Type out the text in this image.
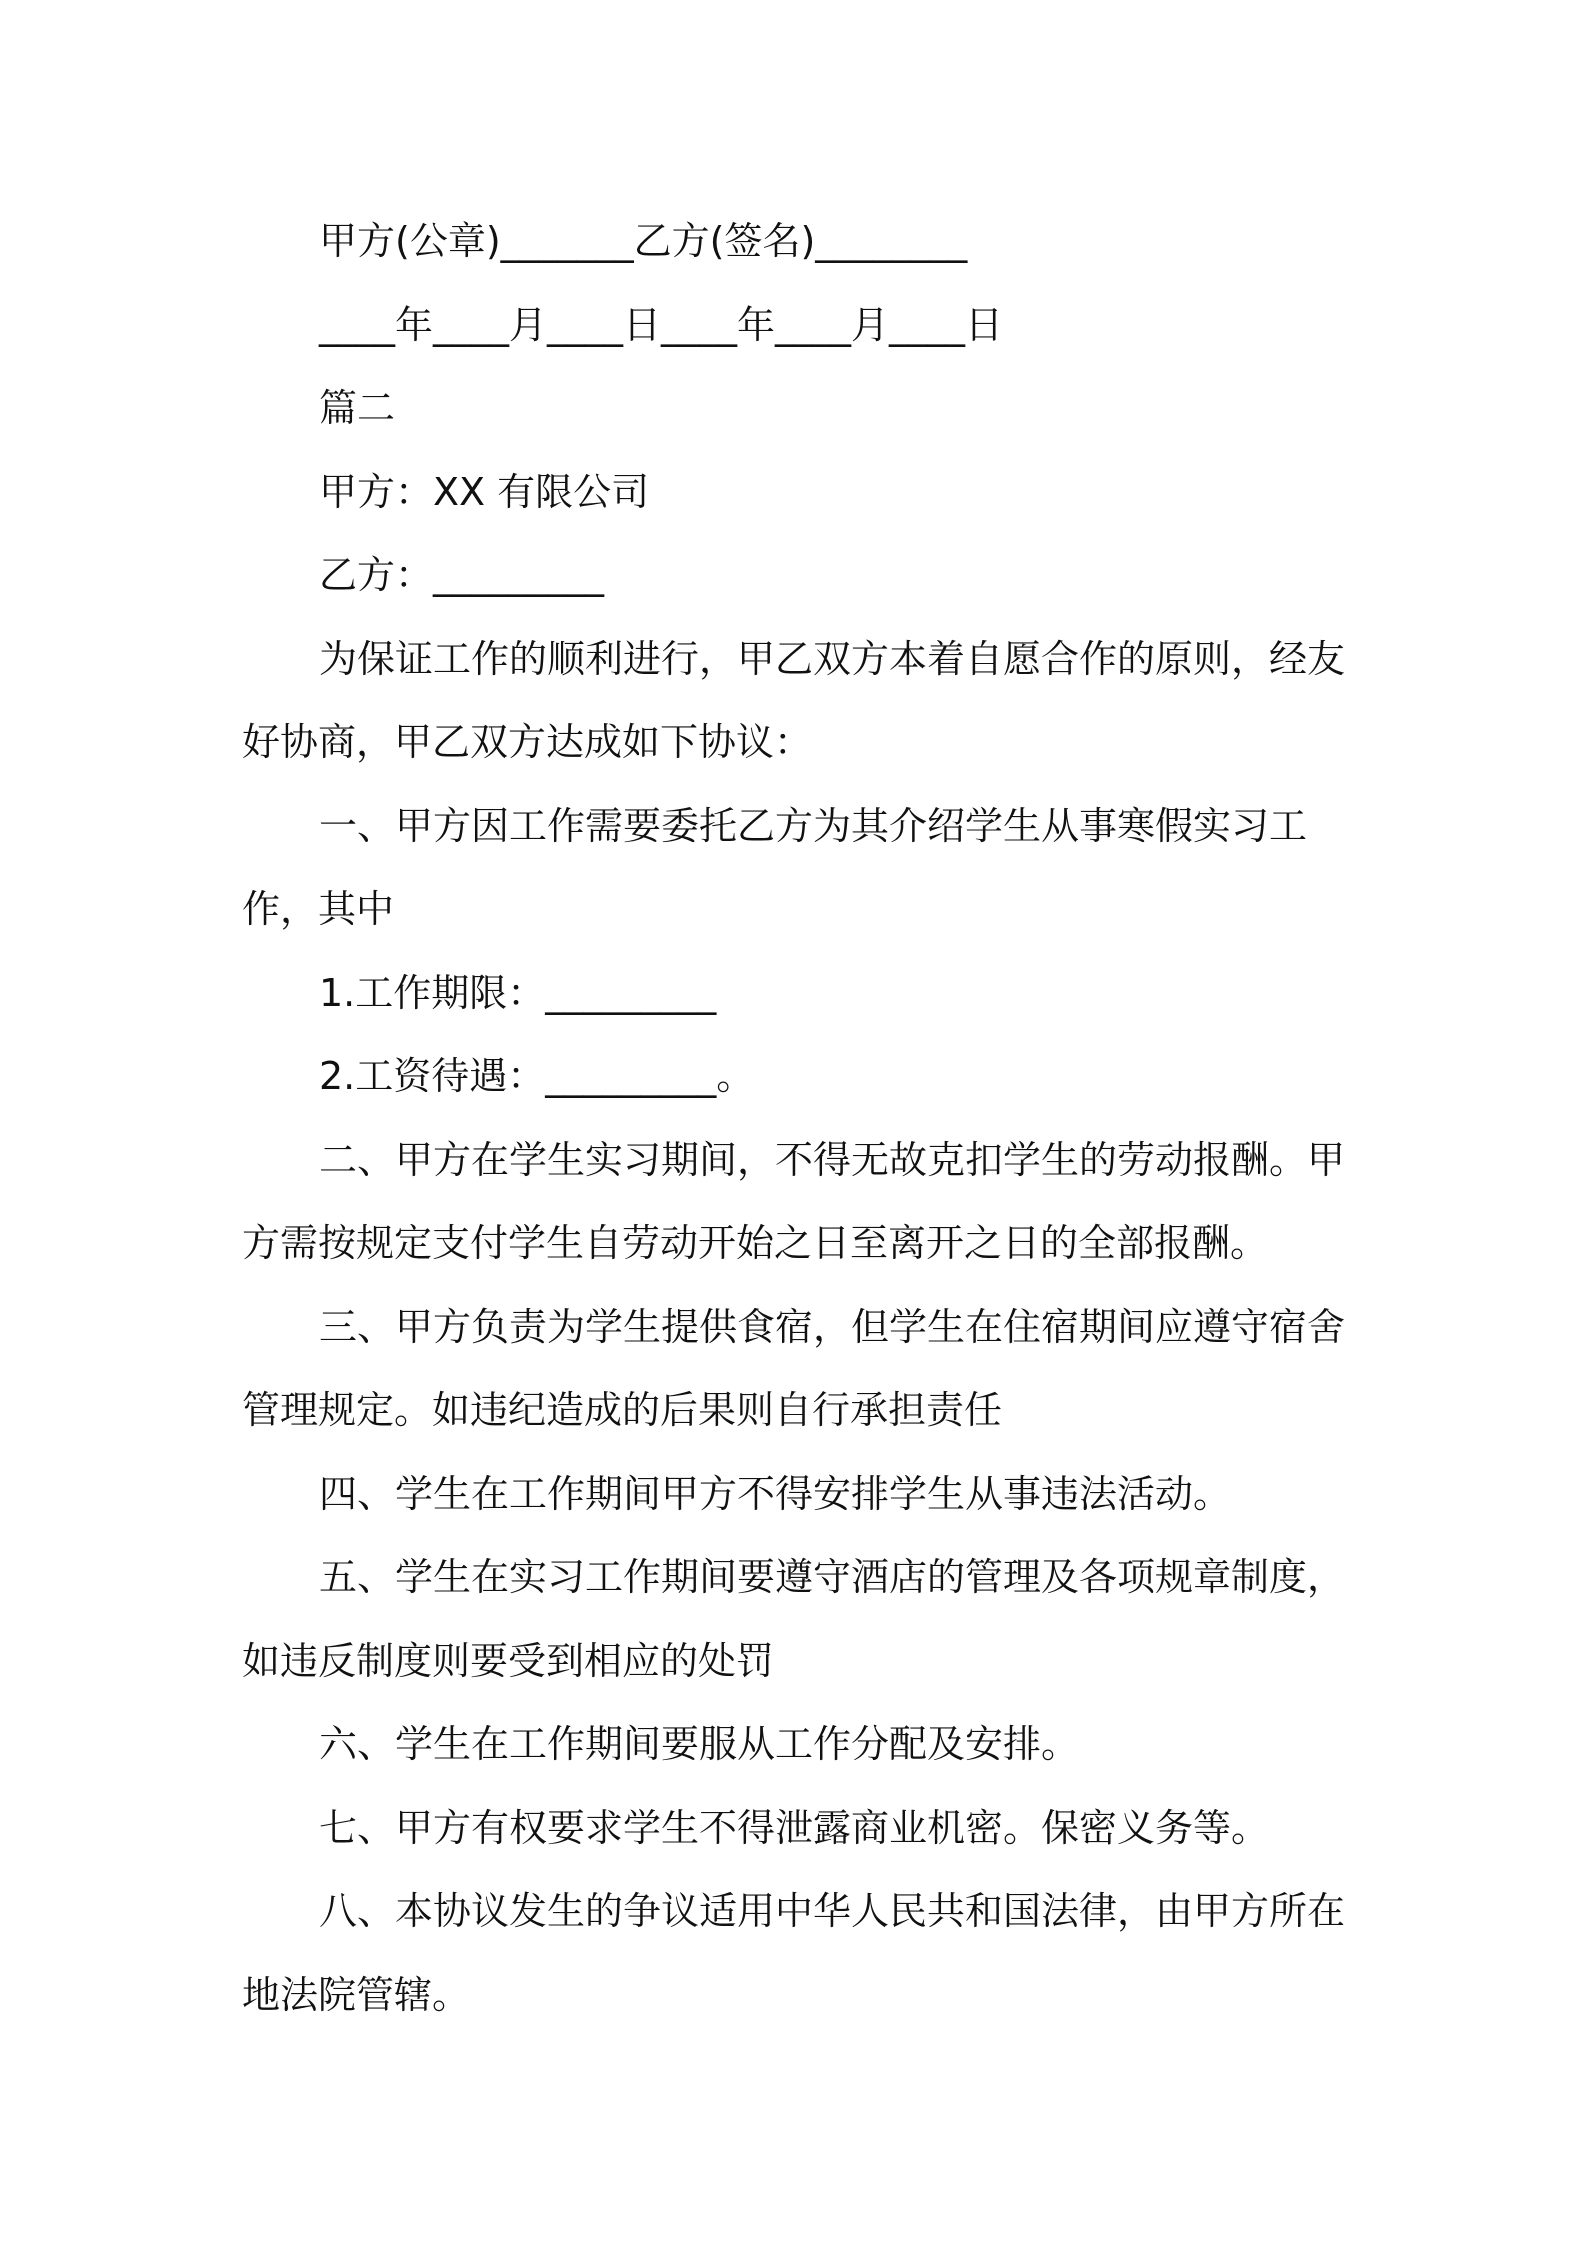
甲方(公章)_______乙方(签名)________

____年____月____日____年____月____日

篇二

甲方：XX 有限公司

乙方：_________

为保证工作的顺利进行，甲乙双方本着自愿合作的原则，经友好协商，甲乙双方达成如下协议：

一、甲方因工作需要委托乙方为其介绍学生从事寒假实习工作，其中

1.工作期限：_________

2.工资待遇：_________。

二、甲方在学生实习期间，不得无故克扣学生的劳动报酬。甲方需按规定支付学生自劳动开始之日至离开之日的全部报酬。

三、甲方负责为学生提供食宿，但学生在住宿期间应遵守宿舍管理规定。如违纪造成的后果则自行承担责任

四、学生在工作期间甲方不得安排学生从事违法活动。

五、学生在实习工作期间要遵守酒店的管理及各项规章制度，如违反制度则要受到相应的处罚

六、学生在工作期间要服从工作分配及安排。

七、甲方有权要求学生不得泄露商业机密。保密义务等。

八、本协议发生的争议适用中华人民共和国法律，由甲方所在地法院管辖。
